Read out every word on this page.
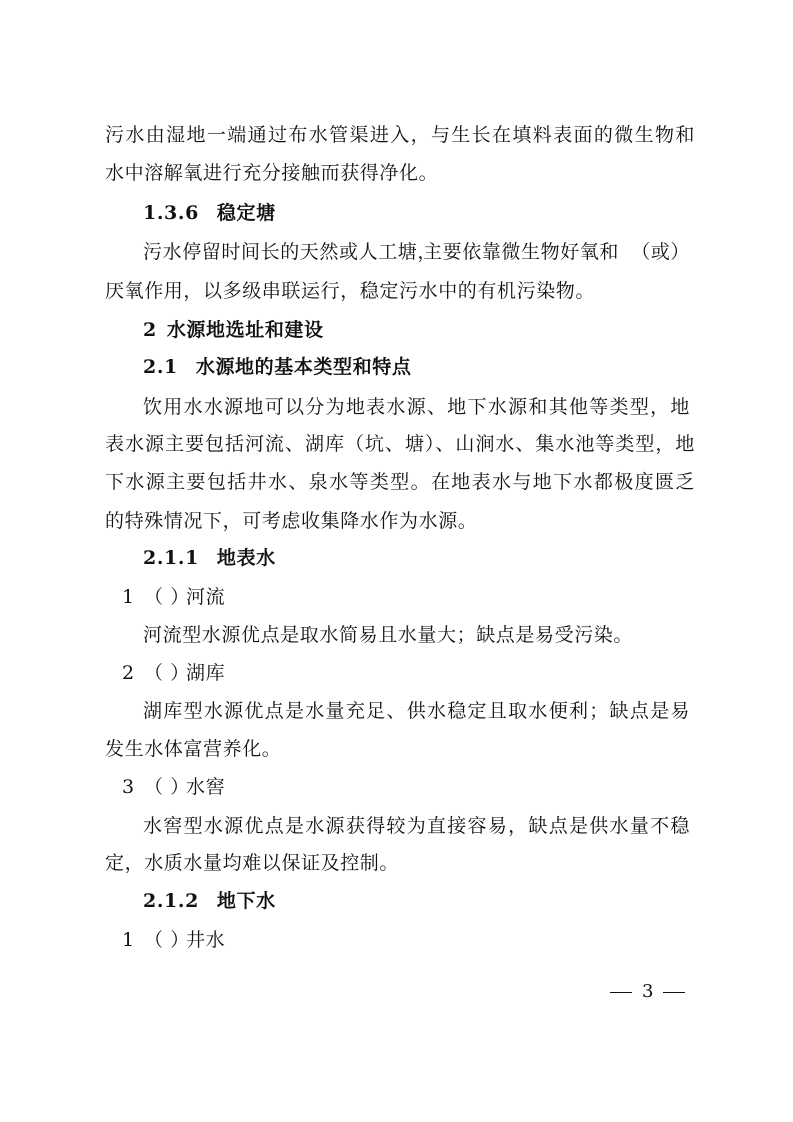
污水由湿地一端通过布水管渠进入，与生长在填料表面的微生物和
水中溶解氧进行充分接触而获得净化。
1.3.6 稳定塘
污水停留时间长的天然或人工塘，主要依靠微生物好氧和 （或）
厌氧作用，以多级串联运行，稳定污水中的有机污染物。
2 水源地选址和建设
2.1 水源地的基本类型和特点
饮用水水源地可以分为地表水源、地下水源和其他等类型，地
表水源主要包括河流、湖库（坑、塘）、山涧水、集水池等类型，地
下水源主要包括井水、泉水等类型。在地表水与地下水都极度匮乏
的特殊情况下，可考虑收集降水作为水源。
2.1.1 地表水
1 （ ）河流
河流型水源优点是取水简易且水量大；缺点是易受污染。
2 （ ）湖库
湖库型水源优点是水量充足、供水稳定且取水便利；缺点是易
发生水体富营养化。
3 （ ）水窖
水窖型水源优点是水源获得较为直接容易，缺点是供水量不稳
定，水质水量均难以保证及控制。
2.1.2 地下水
1 （ ）井水
3
